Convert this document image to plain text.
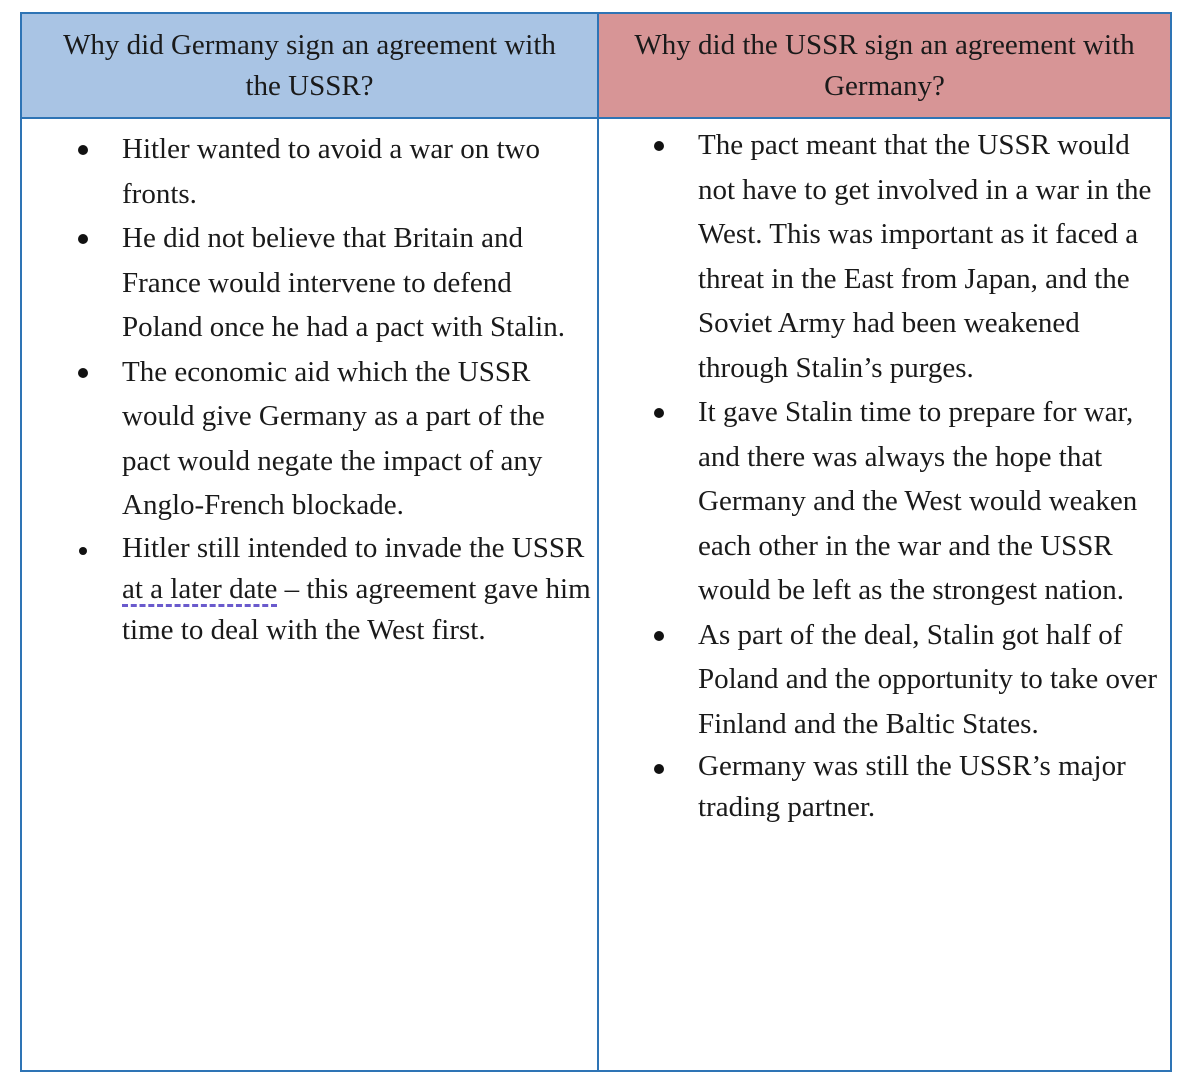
Why did Germany sign an agreement with the USSR?
Why did the USSR sign an agreement with Germany?
Hitler wanted to avoid a war on two fronts.
He did not believe that Britain and France would intervene to defend Poland once he had a pact with Stalin.
The economic aid which the USSR would give Germany as a part of the pact would negate the impact of any Anglo-French blockade.
Hitler still intended to invade the USSR at a later date – this agreement gave him time to deal with the West first.
The pact meant that the USSR would not have to get involved in a war in the West. This was important as it faced a threat in the East from Japan, and the Soviet Army had been weakened through Stalin’s purges.
It gave Stalin time to prepare for war, and there was always the hope that Germany and the West would weaken each other in the war and the USSR would be left as the strongest nation.
As part of the deal, Stalin got half of Poland and the opportunity to take over Finland and the Baltic States.
Germany was still the USSR’s major trading partner.
